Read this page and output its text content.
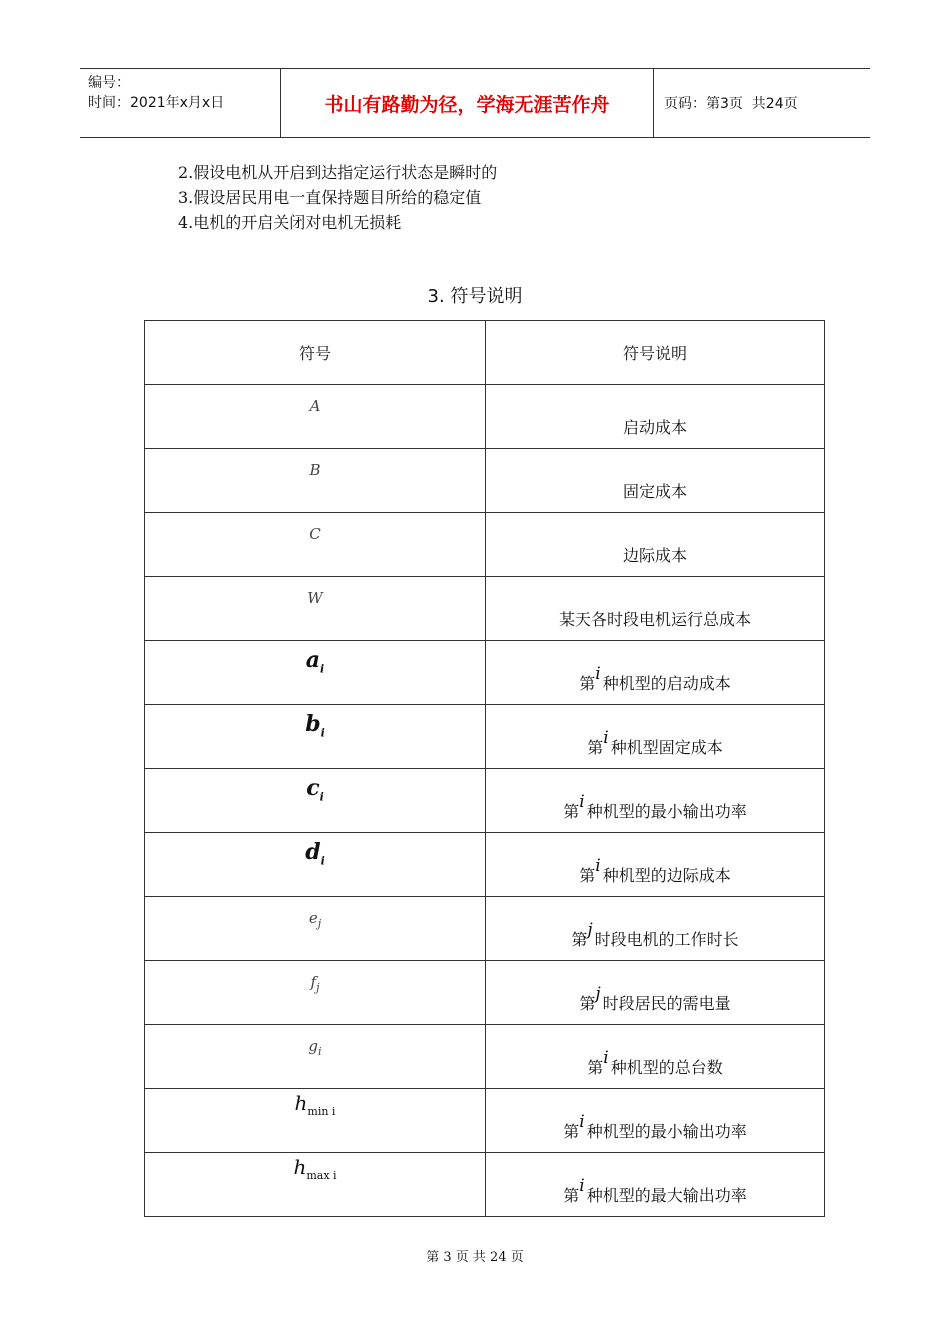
编号：
时间：2021年x月x日	书山有路勤为径，学海无涯苦作舟	页码：第3页  共24页
2.假设电机从开启到达指定运行状态是瞬时的
3.假设居民用电一直保持题目所给的稳定值
4.电机的开启关闭对电机无损耗
3. 符号说明
符号	符号说明

A	启动成本

B	固定成本

C	边际成本

W	某天各时段电机运行总成本

$a_i$	第i 种机型的启动成本

$b_i$	第i 种机型固定成本

$c_i$	第i 种机型的最小输出功率

$d_i$	第i 种机型的边际成本

$e_j$	第j 时段电机的工作时长

$f_j$	第j 时段居民的需电量

$g_i$	第i 种机型的总台数

$h_{min i}$	第i 种机型的最小输出功率

$h_{max i}$	第i 种机型的最大输出功率
第 3 页 共 24 页
